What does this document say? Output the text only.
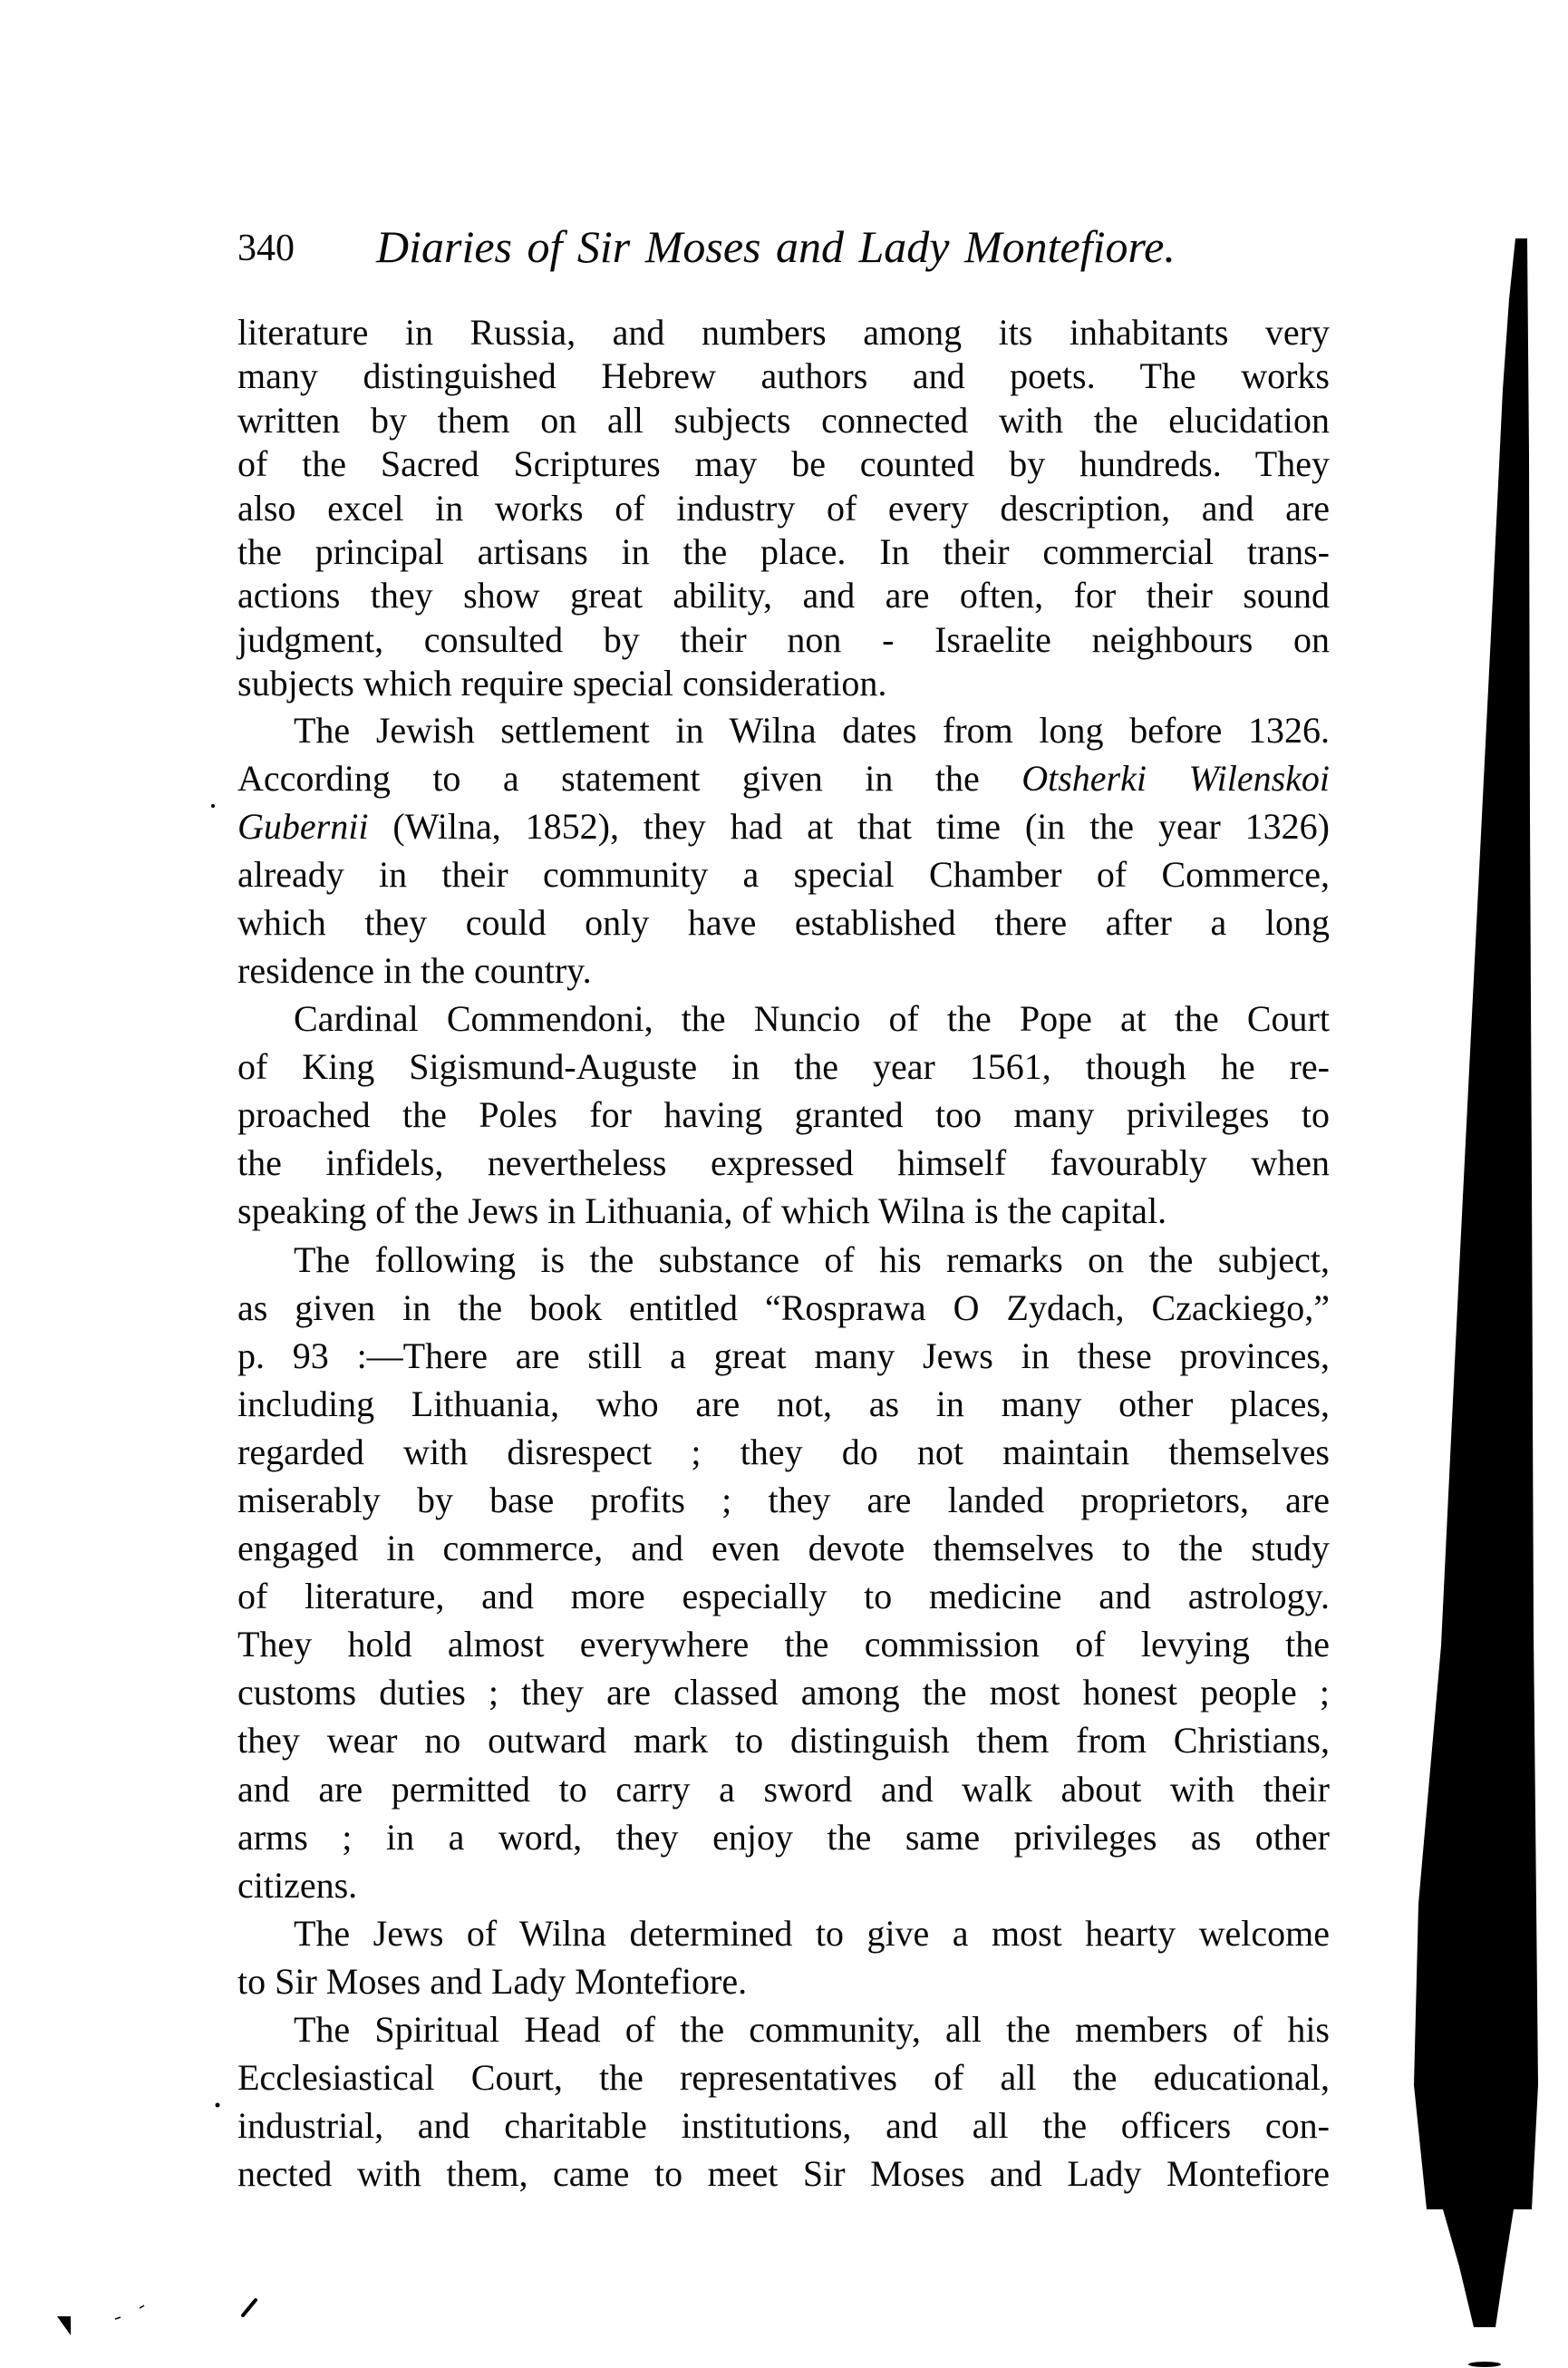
340 Diaries of Sir Moses and Lady Montefiore.
literature in Russia, and numbers among its inhabitants very
many distinguished Hebrew authors and poets. The works
written by them on all subjects connected with the elucidation
of the Sacred Scriptures may be counted by hundreds. They
also excel in works of industry of every description, and are
the principal artisans in the place. In their commercial trans-
actions they show great ability, and are often, for their sound
judgment, consulted by their non - Israelite neighbours on
subjects which require special consideration.
The Jewish settlement in Wilna dates from long before 1326.
According to a statement given in the Otsherki Wilenskoi
Gubernii (Wilna, 1852), they had at that time (in the year 1326)
already in their community a special Chamber of Commerce,
which they could only have established there after a long
residence in the country.
Cardinal Commendoni, the Nuncio of the Pope at the Court
of King Sigismund-Auguste in the year 1561, though he re-
proached the Poles for having granted too many privileges to
the infidels, nevertheless expressed himself favourably when
speaking of the Jews in Lithuania, of which Wilna is the capital.
The following is the substance of his remarks on the subject,
as given in the book entitled “Rosprawa O Zydach, Czackiego,”
p. 93 :—There are still a great many Jews in these provinces,
including Lithuania, who are not, as in many other places,
regarded with disrespect ; they do not maintain themselves
miserably by base profits ; they are landed proprietors, are
engaged in commerce, and even devote themselves to the study
of literature, and more especially to medicine and astrology.
They hold almost everywhere the commission of levying the
customs duties ; they are classed among the most honest people ;
they wear no outward mark to distinguish them from Christians,
and are permitted to carry a sword and walk about with their
arms ; in a word, they enjoy the same privileges as other
citizens.
The Jews of Wilna determined to give a most hearty welcome
to Sir Moses and Lady Montefiore.
The Spiritual Head of the community, all the members of his
Ecclesiastical Court, the representatives of all the educational,
industrial, and charitable institutions, and all the officers con-
nected with them, came to meet Sir Moses and Lady Montefiore
